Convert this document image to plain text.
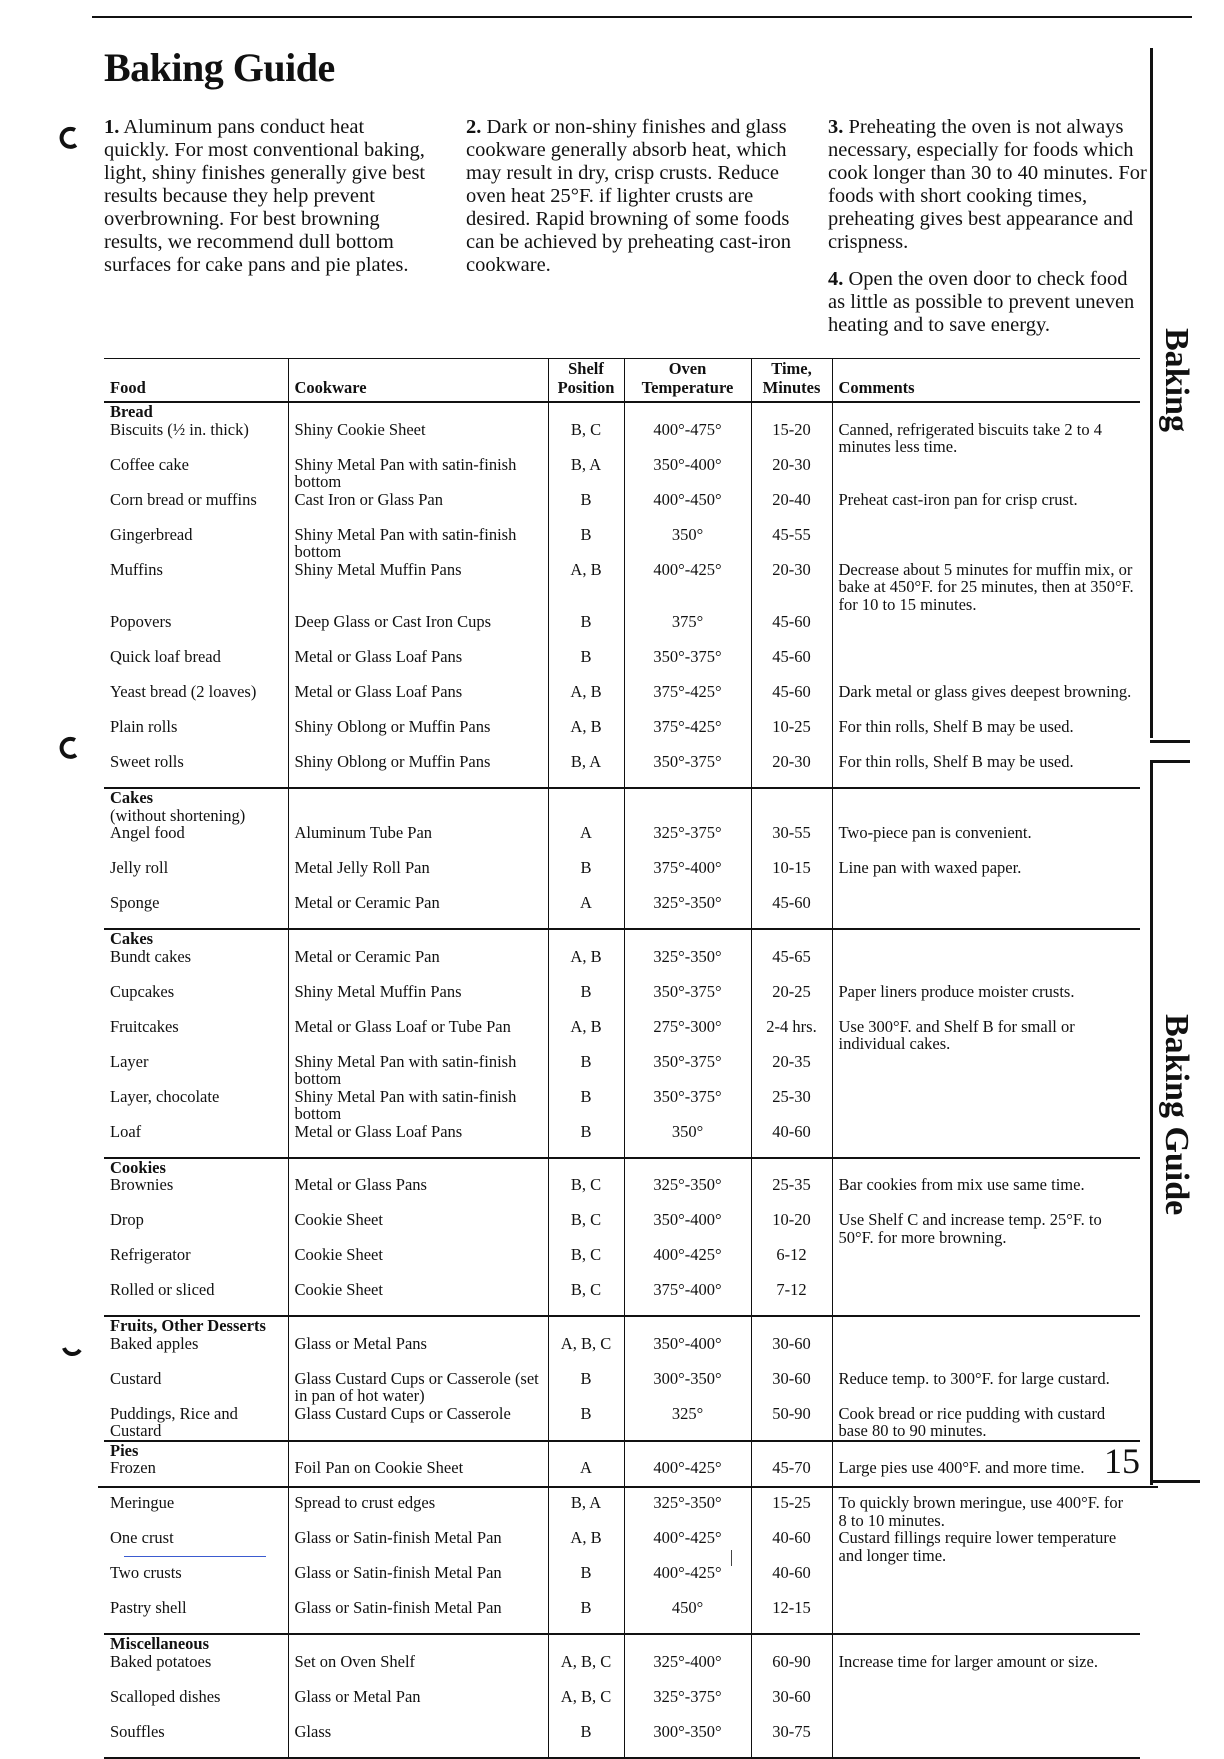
Baking Guide

1. Aluminum pans conduct heat quickly. For most conventional baking, light, shiny finishes generally give best results because they help prevent overbrowning. For best browning results, we recommend dull bottom surfaces for cake pans and pie plates.

2. Dark or non-shiny finishes and glass cookware generally absorb heat, which may result in dry, crisp crusts. Reduce oven heat 25°F. if lighter crusts are desired. Rapid browning of some foods can be achieved by preheating cast-iron cookware.

3. Preheating the oven is not always necessary, especially for foods which cook longer than 30 to 40 minutes. For foods with short cooking times, preheating gives best appearance and crispness.

4. Open the oven door to check food as little as possible to prevent uneven heating and to save energy.

Baking
Baking Guide
Food	Cookware	Shelf Position	Oven Temperature	Time, Minutes	Comments
Bread					
Biscuits (½ in. thick)	Shiny Cookie Sheet	B, C	400°-475°	15-20	Canned, refrigerated biscuits take 2 to 4 minutes less time.
Coffee cake	Shiny Metal Pan with satin-finish bottom	B, A	350°-400°	20-30	
Corn bread or muffins	Cast Iron or Glass Pan	B	400°-450°	20-40	Preheat cast-iron pan for crisp crust.
Gingerbread	Shiny Metal Pan with satin-finish bottom	B	350°	45-55	
Muffins	Shiny Metal Muffin Pans	A, B	400°-425°	20-30	Decrease about 5 minutes for muffin mix, or bake at 450°F. for 25 minutes, then at 350°F. for 10 to 15 minutes.
Popovers	Deep Glass or Cast Iron Cups	B	375°	45-60	
Quick loaf bread	Metal or Glass Loaf Pans	B	350°-375°	45-60	
Yeast bread (2 loaves)	Metal or Glass Loaf Pans	A, B	375°-425°	45-60	Dark metal or glass gives deepest browning.
Plain rolls	Shiny Oblong or Muffin Pans	A, B	375°-425°	10-25	For thin rolls, Shelf B may be used.
Sweet rolls	Shiny Oblong or Muffin Pans	B, A	350°-375°	20-30	For thin rolls, Shelf B may be used.
Cakes
(without shortening)					
Angel food	Aluminum Tube Pan	A	325°-375°	30-55	Two-piece pan is convenient.
Jelly roll	Metal Jelly Roll Pan	B	375°-400°	10-15	Line pan with waxed paper.
Sponge	Metal or Ceramic Pan	A	325°-350°	45-60	
Cakes					
Bundt cakes	Metal or Ceramic Pan	A, B	325°-350°	45-65	
Cupcakes	Shiny Metal Muffin Pans	B	350°-375°	20-25	Paper liners produce moister crusts.
Fruitcakes	Metal or Glass Loaf or Tube Pan	A, B	275°-300°	2-4 hrs.	Use 300°F. and Shelf B for small or individual cakes.
Layer	Shiny Metal Pan with satin-finish bottom	B	350°-375°	20-35	
Layer, chocolate	Shiny Metal Pan with satin-finish bottom	B	350°-375°	25-30	
Loaf	Metal or Glass Loaf Pans	B	350°	40-60	
Cookies					
Brownies	Metal or Glass Pans	B, C	325°-350°	25-35	Bar cookies from mix use same time.
Drop	Cookie Sheet	B, C	350°-400°	10-20	Use Shelf C and increase temp. 25°F. to 50°F. for more browning.
Refrigerator	Cookie Sheet	B, C	400°-425°	6-12	
Rolled or sliced	Cookie Sheet	B, C	375°-400°	7-12	
Fruits, Other Desserts					
Baked apples	Glass or Metal Pans	A, B, C	350°-400°	30-60	
Custard	Glass Custard Cups or Casserole (set in pan of hot water)	B	300°-350°	30-60	Reduce temp. to 300°F. for large custard.
Puddings, Rice and Custard	Glass Custard Cups or Casserole	B	325°	50-90	Cook bread or rice pudding with custard base 80 to 90 minutes.
Pies					
Frozen	Foil Pan on Cookie Sheet	A	400°-425°	45-70	Large pies use 400°F. and more time.
Meringue	Spread to crust edges	B, A	325°-350°	15-25	To quickly brown meringue, use 400°F. for 8 to 10 minutes.
One crust	Glass or Satin-finish Metal Pan	A, B	400°-425°	40-60	Custard fillings require lower temperature and longer time.
Two crusts	Glass or Satin-finish Metal Pan	B	400°-425°	40-60	
Pastry shell	Glass or Satin-finish Metal Pan	B	450°	12-15	
Miscellaneous					
Baked potatoes	Set on Oven Shelf	A, B, C	325°-400°	60-90	Increase time for larger amount or size.
Scalloped dishes	Glass or Metal Pan	A, B, C	325°-375°	30-60	
Souffles	Glass	B	300°-350°	30-75	
15
